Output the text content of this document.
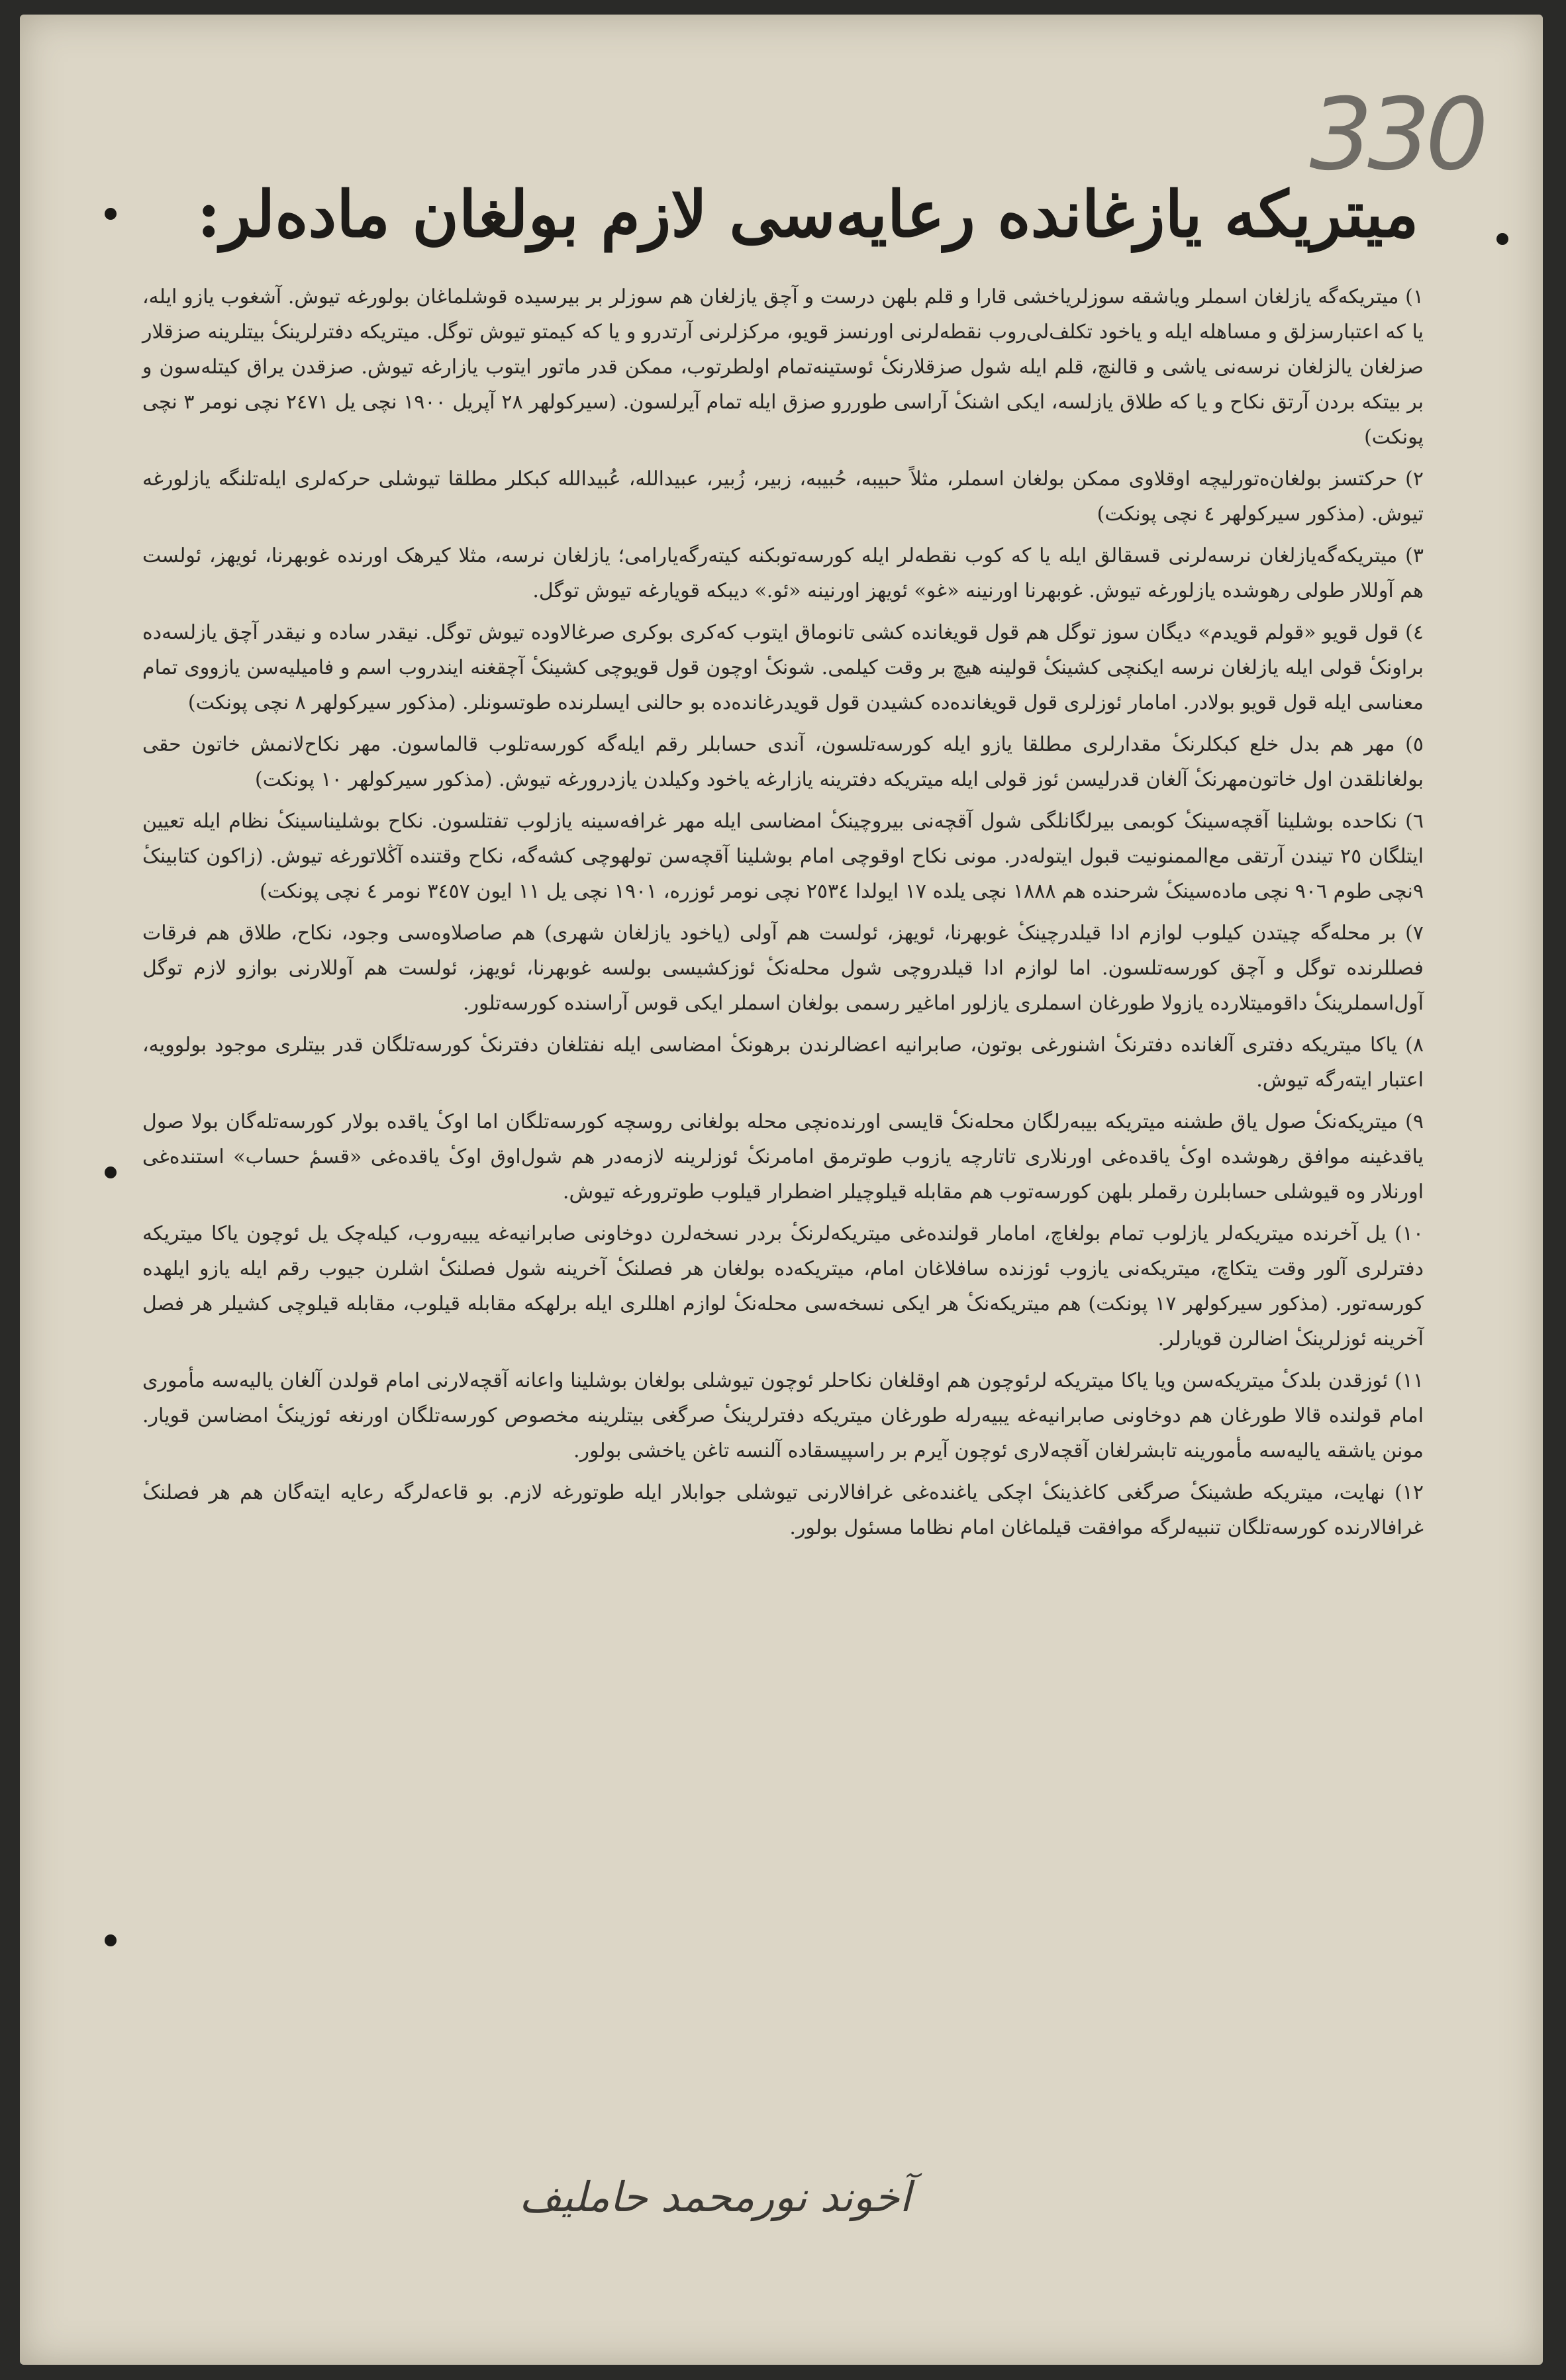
330
میتریکه یازغانده رعایه‌سی لازم بولغان ماده‌لر:

١) میتریکه‌گه یازلغان اسملر ویاشقه سوزلریاخشی قارا و قلم بلهن درست و آچق یازلغان هم سوزلر بر بیرسیده قوشلماغان بولورغه تیوش. آشغوب یازو ایله، یا که اعتبارسزلق و مساهله ایله و یاخود تکلف‌لی‌روب نقطه‌لرنی اورنسز قویو، مرکزلرنی آرتدرو و یا که کیمتو تیوش توگل. میتریکه دفترلرینکٔ بیتلرینه صزقلار صزلغان یالزلغان نرسه‌نی یاشی و قالنچ، قلم ایله شول صزقلارنکٔ ئوستینه‌تمام اولطرتوب، ممکن قدر ماتور ایتوب یازارغه تیوش. صزقدن یراق کیتله‌سون و بر بیتکه بردن آرتق نکاح و یا که طلاق یازلسه، ایکی اشنکٔ آراسی طوررو صزق ایله تمام آیرلسون. (سیرکولهر ٢٨ آپریل ١٩٠٠ نچی یل ٢٤٧١ نچی نومر ٣ نچی پونکت)

٢) حرکتسز بولغان‌ه‌تورلیچه اوقلاوی ممکن بولغان اسملر، مثلاً حبیبه، حُبیبه، زبیر، زُبیر، عبیدالله، عُبیدالله کبکلر مطلقا تیوشلی حرکه‌لری ایله‌تلنگه یازلورغه تیوش. (مذکور سیرکولهر ٤ نچی پونکت)

٣) میتریکه‌گه‌یازلغان نرسه‌لرنی قسقالق ایله یا که کوب نقطه‌لر ایله کورسه‌توبکنه کیته‌رگه‌یارامی؛ یازلغان نرسه، مثلا کیرهک اورنده غوبهرنا، ئویهز، ئولست هم آوللار طولی رهوشده یازلورغه تیوش. غوبهرنا اورنینه «غو» ئویهز اورنینه «ئو.» دیبکه قویارغه تیوش توگل.

٤) قول قویو «قولم قویدم» دیگان سوز توگل هم قول قویغانده کشی تانوماق ایتوب که‌کری بوکری صرغالاوده تیوش توگل. نیقدر ساده و نیقدر آچق یازلسه‌ده براونکٔ قولی ایله یازلغان نرسه ایکنچی کشینکٔ قولینه هیچ بر وقت کیلمی. شونکٔ اوچون قول قویوچی کشینکٔ آچقغنه ایندروب اسم و فامیلیه‌سن یازووی تمام معناسی ایله قول قویو بولادر. امامار ئوزلری قول قویغانده‌ده کشیدن قول قویدرغانده‌ده بو حالنی ایسلرنده طوتسونلر. (مذکور سیرکولهر ٨ نچی پونکت)

٥) مهر هم بدل خلع کبکلرنکٔ مقدارلری مطلقا یازو ایله کورسه‌تلسون، آندی حسابلر رقم ایله‌گه کورسه‌تلوب قالماسون. مهر نکاح‌لانمش خاتون حقی بولغانلقدن اول خاتون‌مهرنکٔ آلغان قدرلیسن ئوز قولی ایله میتریکه دفترینه یازارغه یاخود وکیلدن یازدرورغه تیوش. (مذکور سیرکولهر ١٠ پونکت)

٦) نکاحده بوشلینا آقچه‌سینکٔ کوبمی بیرلگانلگی شول آقچه‌نی بیروچینکٔ امضاسی ایله مهر غرافه‌سینه یازلوب تفتلسون. نکاح بوشلیناسینکٔ نظام ایله تعیین ایتلگان ٢٥ تیندن آرتقی مع‌الممنونیت قبول ایتوله‌در. مونی نکاح اوقوچی امام بوشلینا آقچه‌سن تولهوچی کشه‌گه، نکاح وقتنده آڭلاتورغه تیوش. (زاکون کتابینکٔ ٩نچی طوم ٩٠٦ نچی ماده‌سینکٔ شرحنده هم ١٨٨٨ نچی یلده ١٧ ایولدا ٢٥٣٤ نچی نومر ئوزره، ١٩٠١ نچی یل ١١ ایون ٣٤٥٧ نومر ٤ نچی پونکت)

٧) بر محله‌گه چیتدن کیلوب لوازم ادا قیلدرچینکٔ غوبهرنا، ئویهز، ئولست هم آولی (یاخود یازلغان شهری) هم صاصلاوه‌سی وجود، نکاح، طلاق هم فرقات فصللرنده توگل و آچق کورسه‌تلسون. اما لوازم ادا قیلدروچی شول محله‌نکٔ ئوزکشیسی بولسه غوبهرنا، ئویهز، ئولست هم آوللارنی بوازو لازم توگل آول‌اسملرینکٔ داقومیتلارده یازولا طورغان اسملری یازلور اماغیر رسمی بولغان اسملر ایکی قوس آراسنده کورسه‌تلور.

٨) یاکا میتریکه دفتری آلغانده دفترنکٔ اشنورغی بوتون، صابرانیه اعضالرندن برهونکٔ امضاسی ایله نفتلغان دفترنکٔ کورسه‌تلگان قدر بیتلری موجود بولوویه، اعتبار ایته‌رگه تیوش.

٩) میتریکه‌نکٔ صول یاق طشنه میتریکه بیبه‌رلگان محله‌نکٔ قایسی اورنده‌نچی محله بولغانی روسچه کورسه‌تلگان اما اوکٔ یاقده بولار کورسه‌تله‌گان بولا صول یاقدغینه موافق رهوشده اوکٔ یاقده‌غی اورنلاری تاتارچه یازوب طوترمق امامرنکٔ ئوزلرینه لازمه‌در هم شول‌اوق اوکٔ یاقده‌غی «قسمٔ حساب» استنده‌غی اورنلار وه قیوشلی حسابلرن رقملر بلهن کورسه‌توب هم مقابله قیلوچیلر اضطرار قیلوب طوترورغه تیوش.

١٠) یل آخرنده میتریکه‌لر یازلوب تمام بولغاچ، امامار قولنده‌غی میتریکه‌لرنکٔ بردر نسخه‌لرن دوخاونی صابرانیه‌غه یبیه‌روب، کیله‌چک یل ئوچون یاکا میتریکه دفترلری آلور وقت یتکاچ، میتریکه‌نی یازوب ئوزنده سافلاغان امام، میتریکه‌ده بولغان هر فصلنکٔ آخرینه شول فصلنکٔ اشلرن جیوب رقم ایله یازو ایلهده کورسه‌تور. (مذکور سیرکولهر ١٧ پونکت) هم میتریکه‌نکٔ هر ایکی نسخه‌سی محله‌نکٔ لوازم اهللری ایله برلهکه مقابله قیلوب، مقابله قیلوچی کشیلر هر فصل آخرینه ئوزلرینکٔ اضالرن قویارلر.

١١) ئوزقدن بلدکٔ میتریکه‌سن ویا یاکا میتریکه لرئوچون هم اوقلغان نکاحلر ئوچون تیوشلی بولغان بوشلینا واعانه آقچه‌لارنی امام قولدن آلغان یالیه‌سه مأموری امام قولنده قالا طورغان هم دوخاونی صابرانیه‌غه یبیه‌رله طورغان میتریکه دفترلرینکٔ صرگغی بیتلرینه مخصوص کورسه‌تلگان اورنغه ئوزینکٔ امضاسن قویار. مونن یاشقه یالیه‌سه مأمورینه تابشرلغان آقچه‌لاری ئوچون آیرم بر راسپیسقاده آلنسه تاغن یاخشی بولور.

١٢) نهایت، میتریکه طشینکٔ صرگغی کاغذینکٔ اچکی یاغنده‌غی غرافالارنی تیوشلی جوابلار ایله طوتورغه لازم. بو قاعه‌لرگه رعایه ایته‌گان هم هر فصلنکٔ غرافالارنده کورسه‌تلگان تنبیه‌لرگه موافقت قیلماغان امام نظاما مسئول بولور.

آخوند نورمحمد حاملیف
